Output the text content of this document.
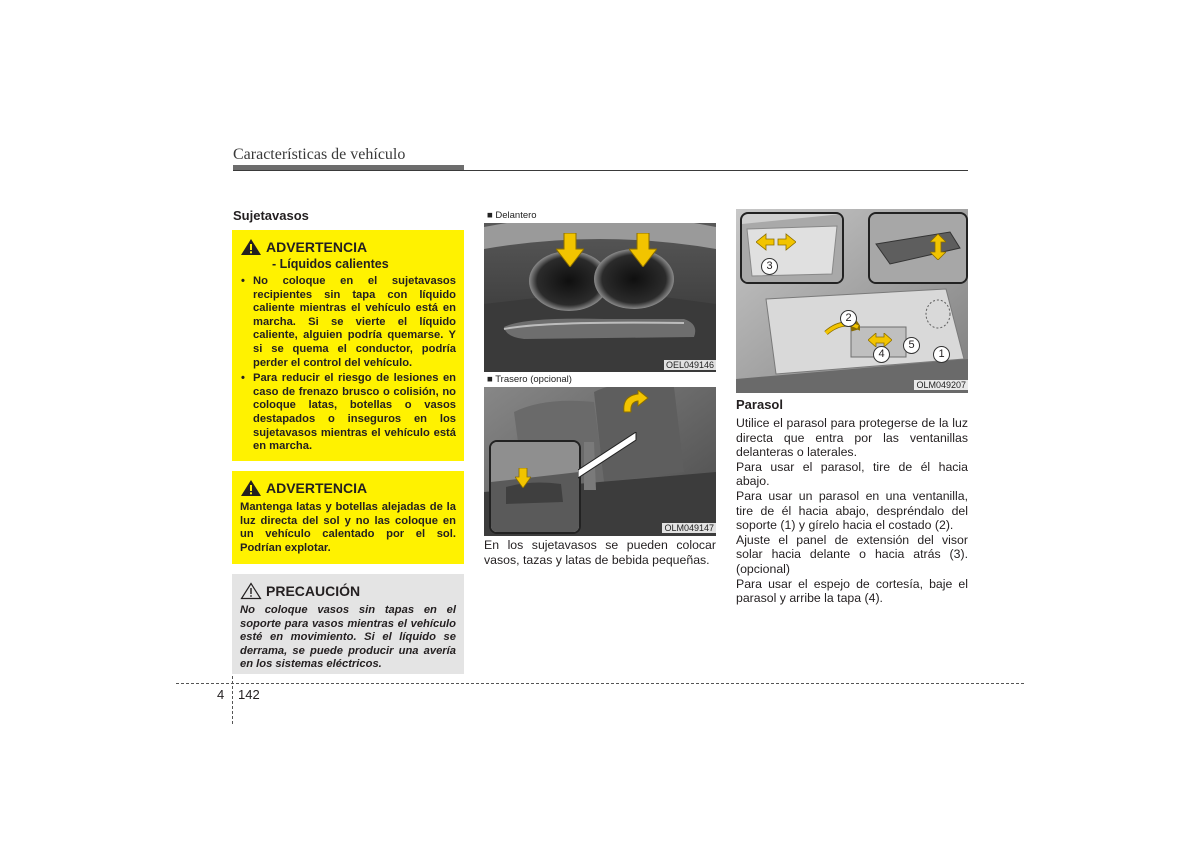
Características de vehículo
Sujetavasos
ADVERTENCIA
- Líquidos calientes
• No coloque en el sujetavasos recipientes sin tapa con líquido caliente mientras el vehículo está en marcha. Si se vierte el líquido caliente, alguien podría quemarse. Y si se quema el conductor, podría perder el control del vehículo.
• Para reducir el riesgo de lesiones en caso de frenazo brusco o colisión, no coloque latas, botellas o vasos destapados o inseguros en los sujetavasos mientras el vehículo está en marcha.
ADVERTENCIA

Mantenga latas y botellas alejadas de la luz directa del sol y no las coloque en un vehículo calentado por el sol. Podrían explotar.

PRECAUCIÓN

No coloque vasos sin tapas en el soporte para vasos mientras el vehículo esté en movimiento. Si el líquido se derrama, se puede producir una avería en los sistemas eléctricos.

■ Delantero
OEL049146
■ Trasero (opcional)
OLM049147
En los sujetavasos se pueden colocar vasos, tazas y latas de bebida pequeñas.
3
2
4
5
1
OLM049207
Parasol

Utilice el parasol para protegerse de la luz directa que entra por las ventanillas delanteras o laterales.

Para usar el parasol, tire de él hacia abajo.

Para usar un parasol en una ventanilla, tire de él hacia abajo, despréndalo del soporte (1) y gírelo hacia el costado (2).

Ajuste el panel de extensión del visor solar hacia delante o hacia atrás (3). (opcional)

Para usar el espejo de cortesía, baje el parasol y arribe la tapa (4).

4 142
